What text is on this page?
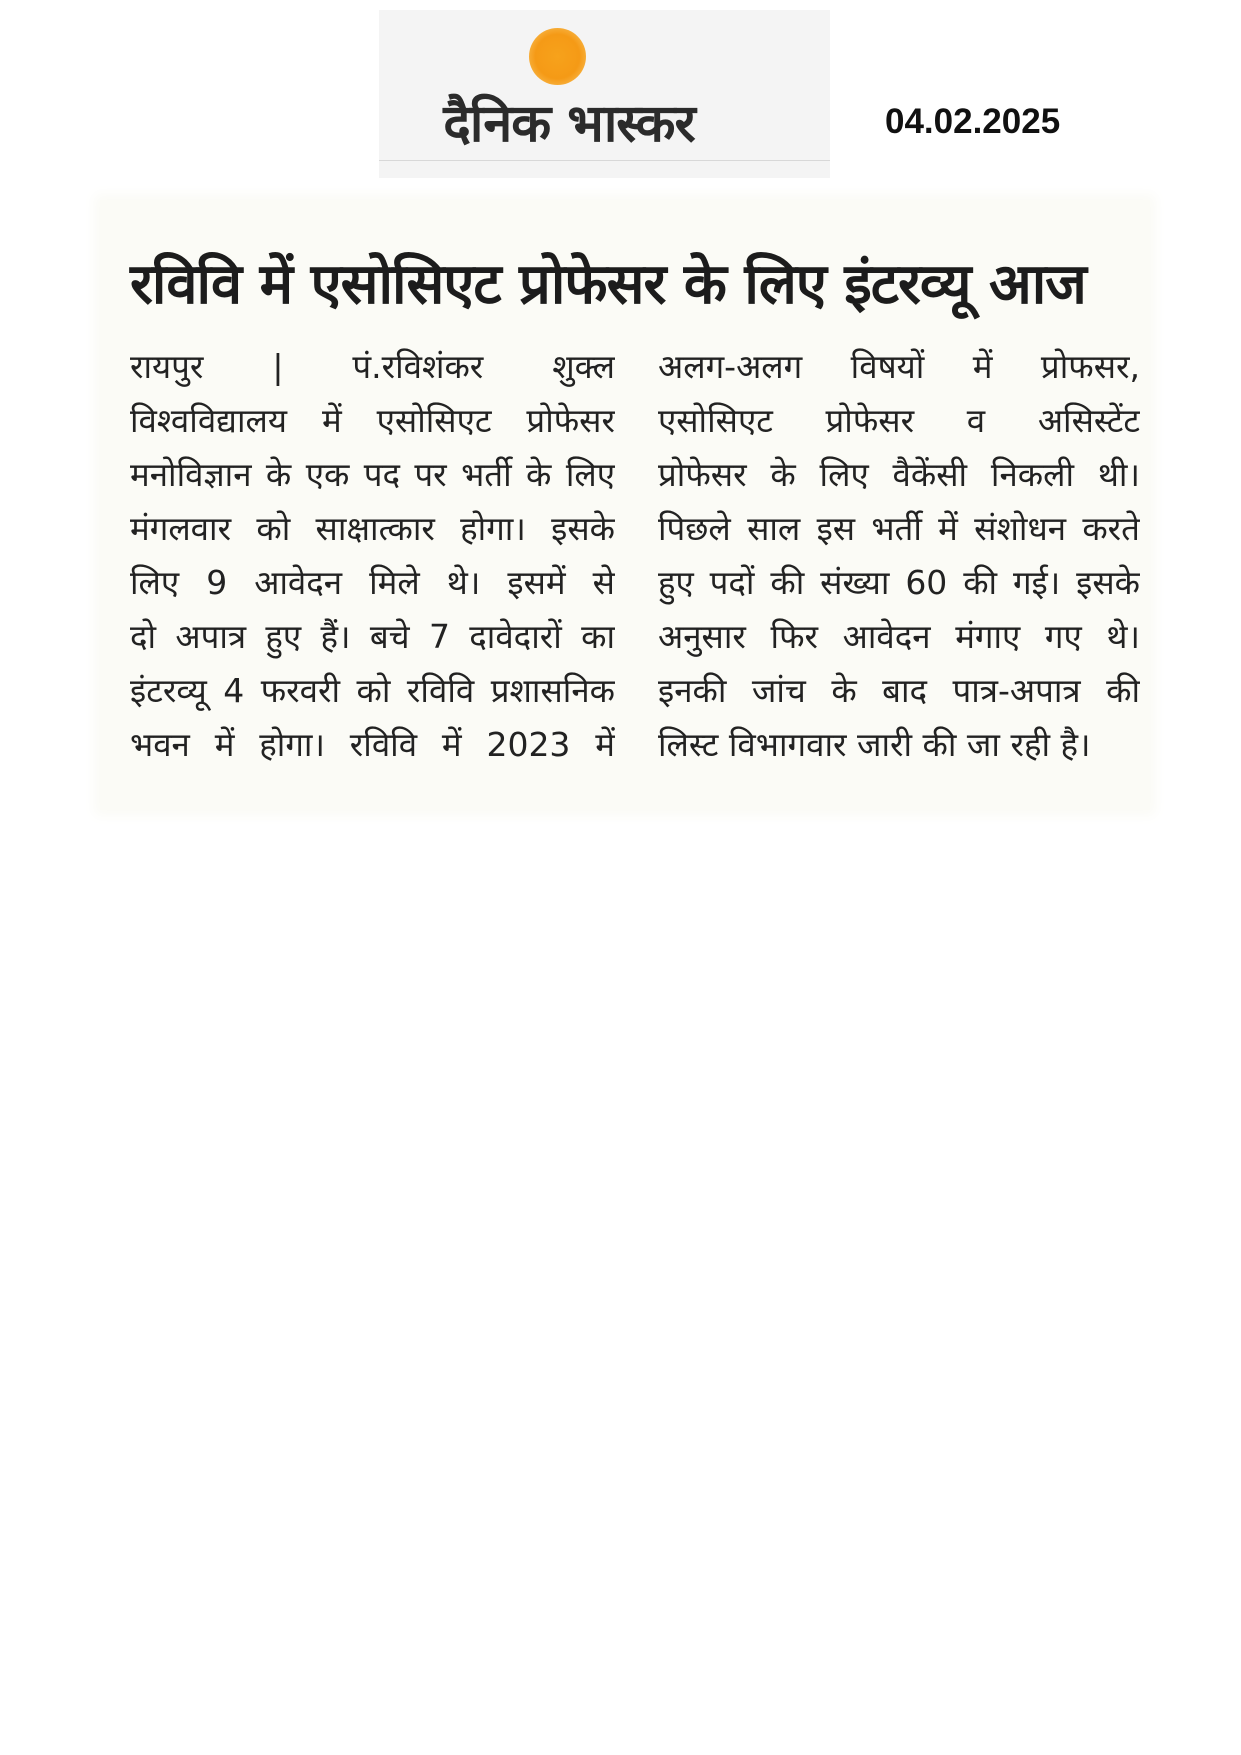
दैनिक भास्कर	04.02.2025
रविवि में एसोसिएट प्रोफेसर के लिए इंटरव्यू आज
रायपुर | पं.रविशंकर शुक्ल
विश्वविद्यालय में एसोसिएट प्रोफेसर
मनोविज्ञान के एक पद पर भर्ती के लिए
मंगलवार को साक्षात्कार होगा। इसके
लिए 9 आवेदन मिले थे। इसमें से
दो अपात्र हुए हैं। बचे 7 दावेदारों का
इंटरव्यू 4 फरवरी को रविवि प्रशासनिक
भवन में होगा। रविवि में 2023 में
अलग-अलग विषयों में प्रोफसर,
एसोसिएट प्रोफेसर व असिस्टेंट
प्रोफेसर के लिए वैकेंसी निकली थी।
पिछले साल इस भर्ती में संशोधन करते
हुए पदों की संख्या 60 की गई। इसके
अनुसार फिर आवेदन मंगाए गए थे।
इनकी जांच के बाद पात्र-अपात्र की
लिस्ट विभागवार जारी की जा रही है।
